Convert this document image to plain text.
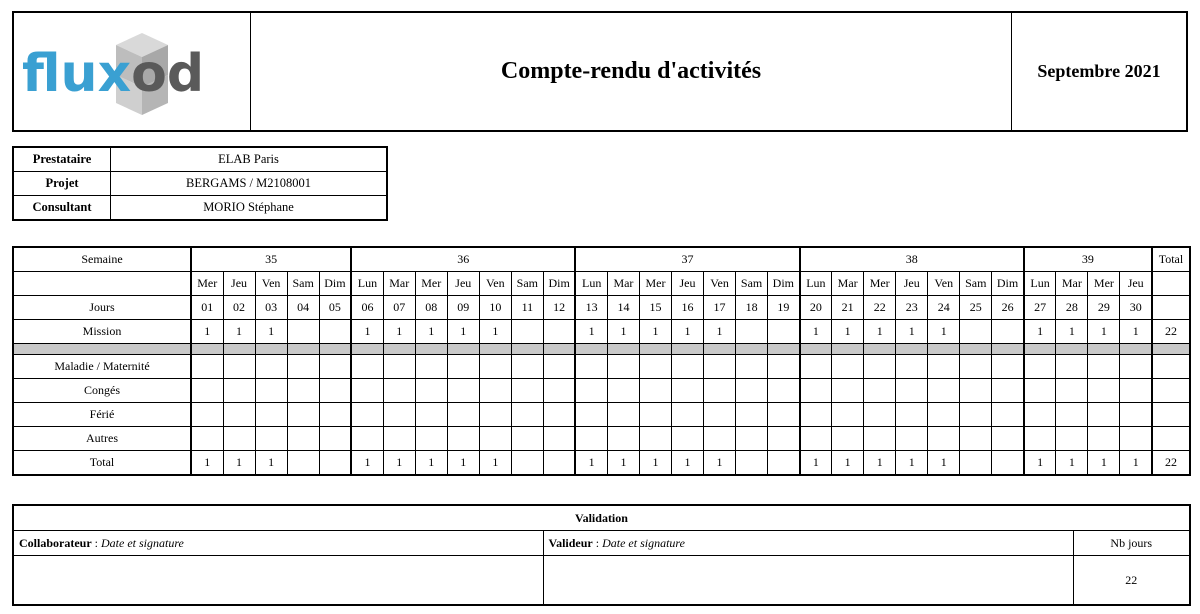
fluxod	Compte-rendu d'activités	Septembre 2021
Prestataire	ELAB Paris
Projet	BERGAMS / M2108001
Consultant	MORIO Stéphane
Semaine	35					36							37							38							39				Total
	Mer	Jeu	Ven	Sam	Dim	Lun	Mar	Mer	Jeu	Ven	Sam	Dim	Lun	Mar	Mer	Jeu	Ven	Sam	Dim	Lun	Mar	Mer	Jeu	Ven	Sam	Dim	Lun	Mar	Mer	Jeu	
Jours	01	02	03	04	05	06	07	08	09	10	11	12	13	14	15	16	17	18	19	20	21	22	23	24	25	26	27	28	29	30	
Mission	1	1	1			1	1	1	1	1			1	1	1	1	1			1	1	1	1	1			1	1	1	1	22

Maladie / Maternité																															
Congés																															
Férié																															
Autres																															
Total	1	1	1			1	1	1	1	1			1	1	1	1	1			1	1	1	1	1			1	1	1	1	22
Validation		
Collaborateur : Date et signature	Valideur : Date et signature	Nb jours
		22
